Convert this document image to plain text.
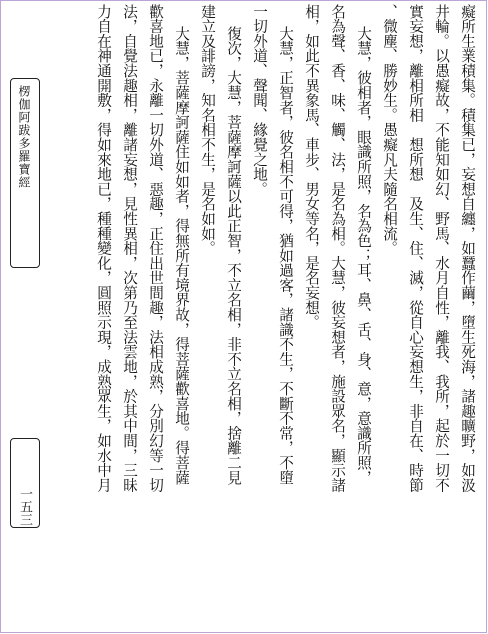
楞伽阿跋多羅寶經
一五三

癡所生業積集。積集已，妄想自纏，如蠶作繭，墮生死海，諸趣曠野，如汲

井輪。以愚癡故，不能知如幻、野馬、水月自性，離我、我所，起於一切不

實妄想，離相所相　想所想　及生、住、滅，從自心妄想生，非自在、時節

、微塵、勝妙生。愚癡凡夫隨名相流。

大慧，彼相者，眼識所照，名為色；耳、鼻、舌、身、意，意識所照，

名為聲、香、味、觸、法，是名為相。大慧，彼妄想者，施設眾名，顯示諸

相，如此不異象馬、車步、男女等名，是名妄想。

大慧，正智者，彼名相不可得，猶如過客，諸識不生，不斷不常，不墮

一切外道、聲聞、緣覺之地。

復次，大慧，菩薩摩訶薩以此正智，不立名相，非不立名相，捨離二見

建立及誹謗，知名相不生，是名如如。

大慧，菩薩摩訶薩住如如者，得無所有境界故，得菩薩歡喜地。得菩薩

歡喜地已，永離一切外道、惡趣，正住出世間趣，法相成熟，分別幻等一切

法，自覺法趣相，離諸妄想，見性異相，次第乃至法雲地，於其中間，三昧

力自在神通開敷，得如來地已，種種變化，圓照示現，成熟眾生，如水中月
